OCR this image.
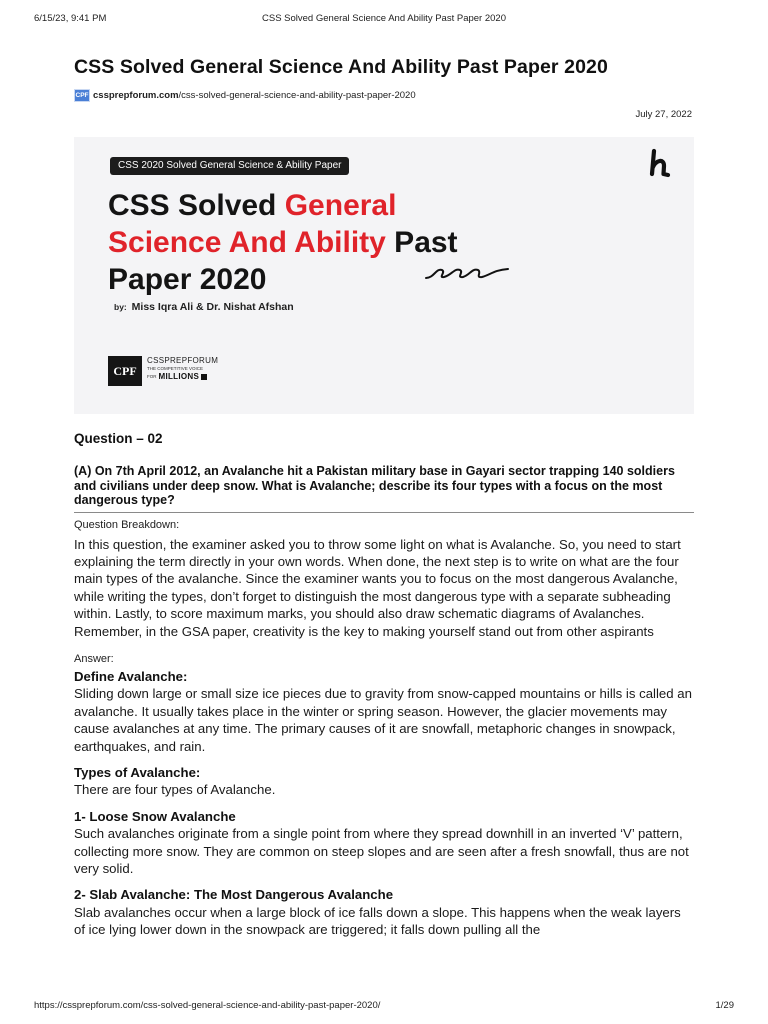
6/15/23, 9:41 PM	CSS Solved General Science And Ability Past Paper 2020
CSS Solved General Science And Ability Past Paper 2020
CPF cssprepforum.com/css-solved-general-science-and-ability-past-paper-2020
July 27, 2022
CSS 2020 Solved General Science & Ability Paper
CSS Solved General
Science And Ability Past
Paper 2020
by: Miss Iqra Ali & Dr. Nishat Afshan
CPF
CSSPREPFORUM
THE COMPETITIVE VOICE
FOR MILLIONS
Question – 02

(A) On 7th April 2012, an Avalanche hit a Pakistan military base in Gayari sector trapping 140 soldiers and civilians under deep snow. What is Avalanche; describe its four types with a focus on the most dangerous type?

Question Breakdown:

In this question, the examiner asked you to throw some light on what is Avalanche. So, you need to start explaining the term directly in your own words. When done, the next step is to write on what are the four main types of the avalanche. Since the examiner wants you to focus on the most dangerous Avalanche, while writing the types, don’t forget to distinguish the most dangerous type with a separate subheading within. Lastly, to score maximum marks, you should also draw schematic diagrams of Avalanches. Remember, in the GSA paper, creativity is the key to making yourself stand out from other aspirants

Answer:

Define Avalanche:

Sliding down large or small size ice pieces due to gravity from snow-capped mountains or hills is called an avalanche. It usually takes place in the winter or spring season. However, the glacier movements may cause avalanches at any time. The primary causes of it are snowfall, metaphoric changes in snowpack, earthquakes, and rain.

Types of Avalanche:

There are four types of Avalanche.

1- Loose Snow Avalanche

Such avalanches originate from a single point from where they spread downhill in an inverted ‘V’ pattern, collecting more snow. They are common on steep slopes and are seen after a fresh snowfall, thus are not very solid.

2- Slab Avalanche: The Most Dangerous Avalanche

Slab avalanches occur when a large block of ice falls down a slope. This happens when the weak layers of ice lying lower down in the snowpack are triggered; it falls down pulling all the

https://cssprepforum.com/css-solved-general-science-and-ability-past-paper-2020/	1/29
